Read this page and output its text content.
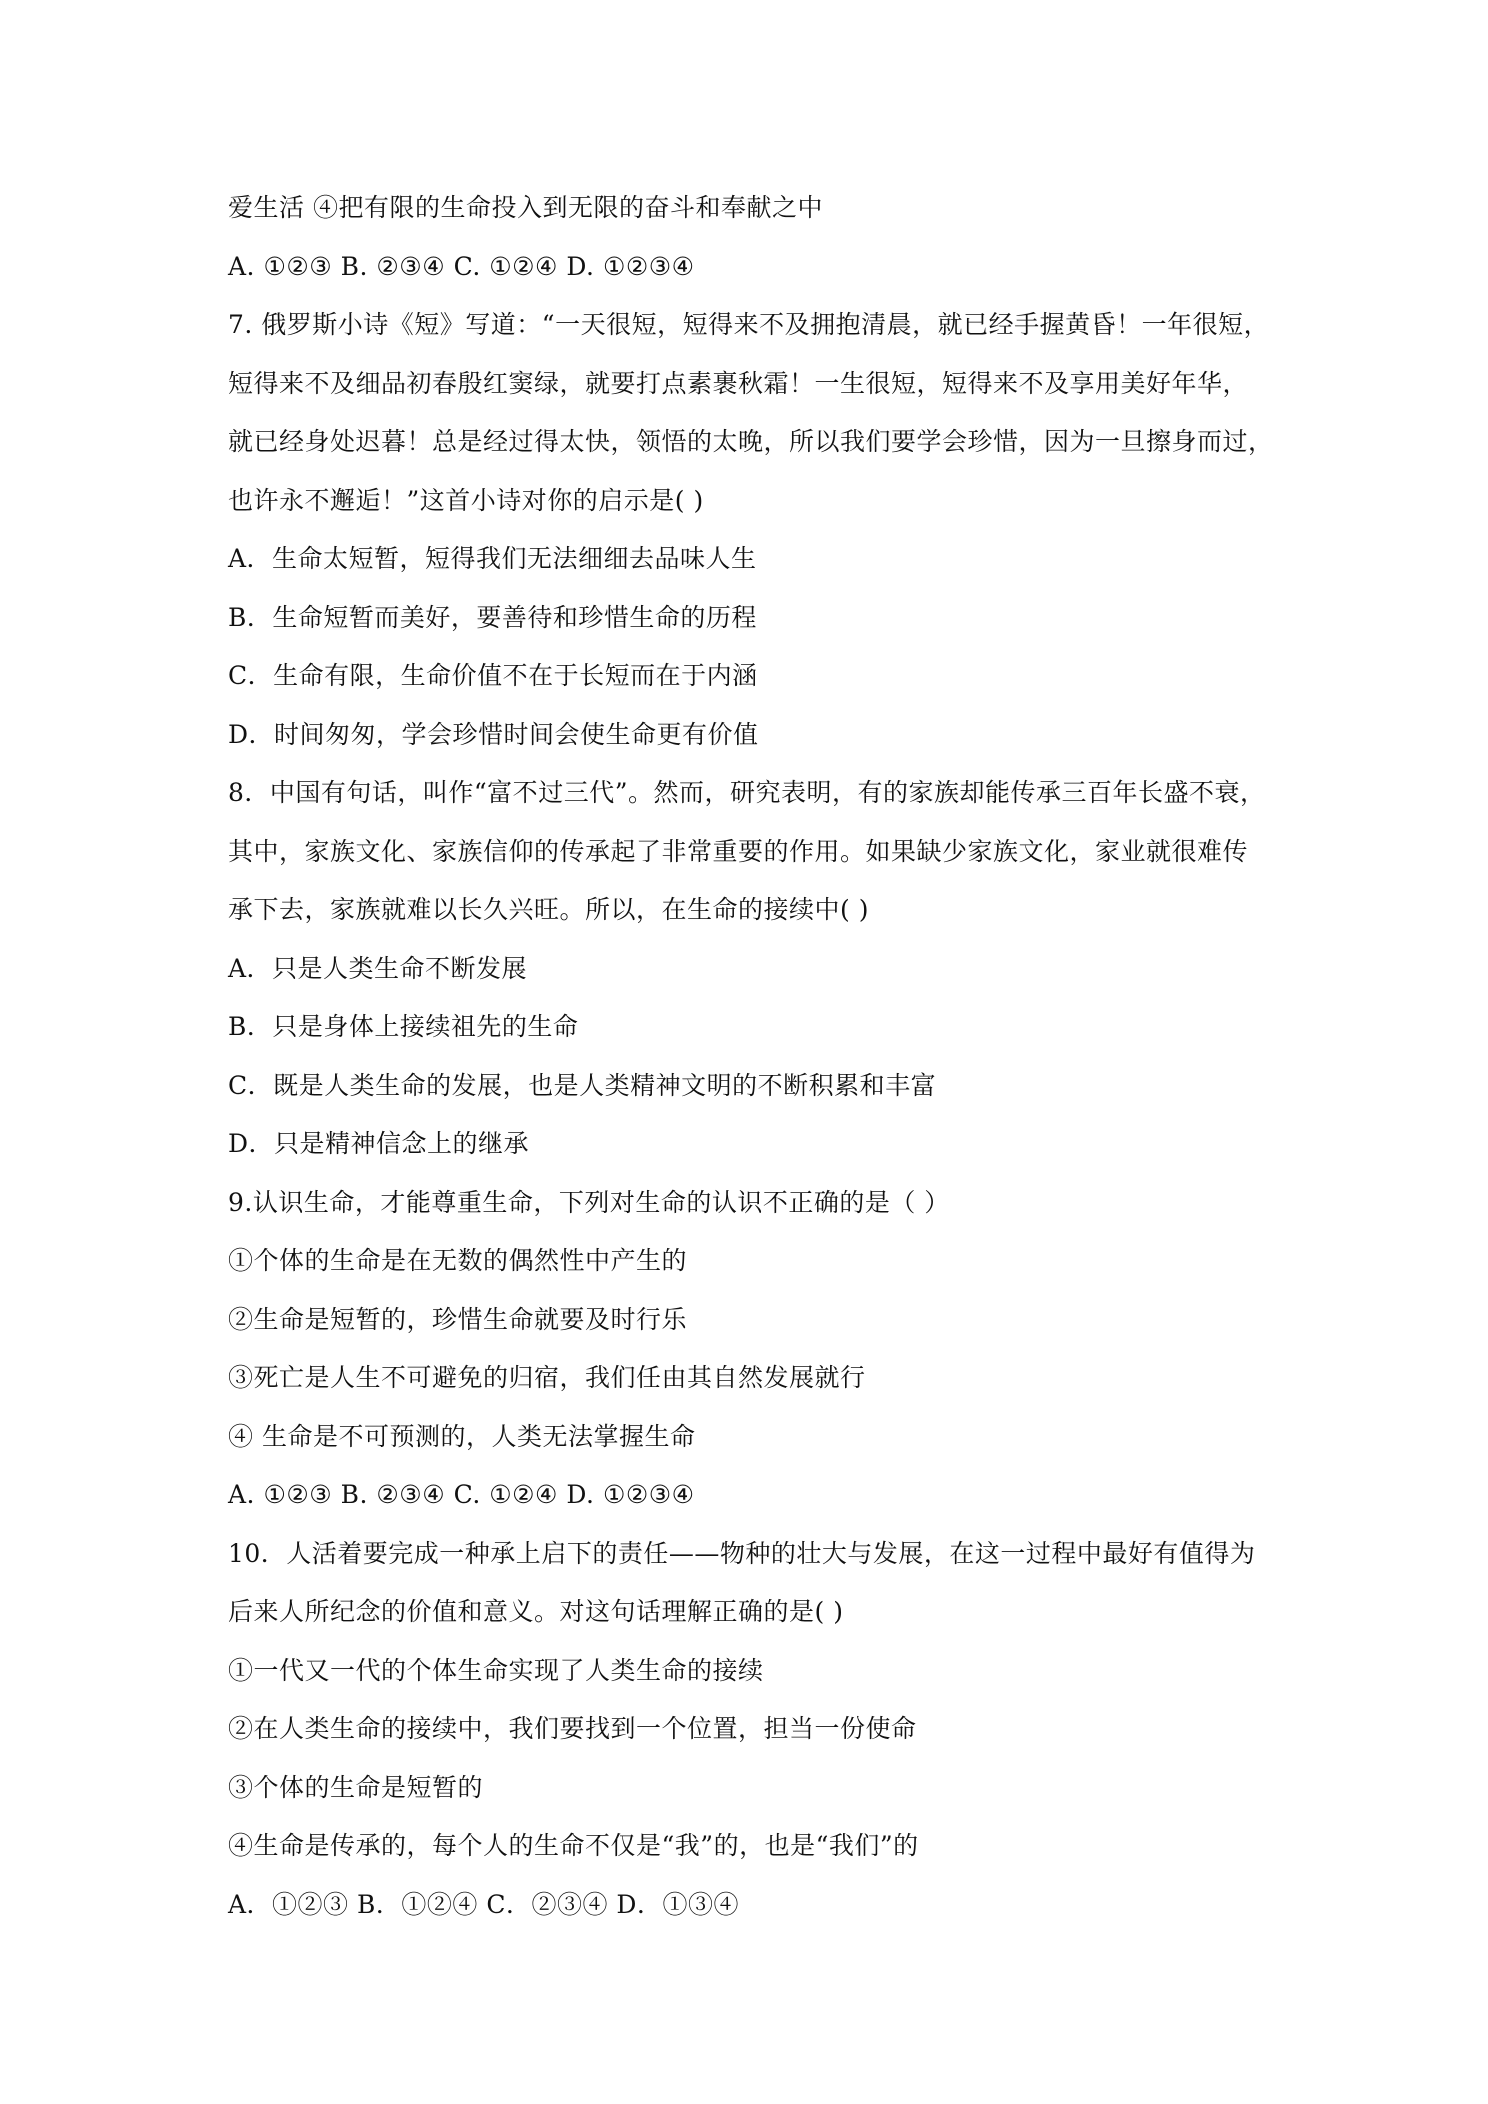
爱生活 ④把有限的生命投入到无限的奋斗和奉献之中
A. ①②③ B. ②③④ C. ①②④ D. ①②③④
7. 俄罗斯小诗《短》写道：“一天很短，短得来不及拥抱清晨，就已经手握黄昏！一年很短，
短得来不及细品初春殷红窦绿，就要打点素裹秋霜！一生很短，短得来不及享用美好年华，
就已经身处迟暮！总是经过得太快，领悟的太晚，所以我们要学会珍惜，因为一旦擦身而过，
也许永不邂逅！”这首小诗对你的启示是( )
A．生命太短暂，短得我们无法细细去品味人生
B．生命短暂而美好，要善待和珍惜生命的历程
C．生命有限，生命价值不在于长短而在于内涵
D．时间匆匆，学会珍惜时间会使生命更有价值
8．中国有句话，叫作“富不过三代”。然而，研究表明，有的家族却能传承三百年长盛不衰，
其中，家族文化、家族信仰的传承起了非常重要的作用。如果缺少家族文化，家业就很难传
承下去，家族就难以长久兴旺。所以，在生命的接续中( )
A．只是人类生命不断发展
B．只是身体上接续祖先的生命
C．既是人类生命的发展，也是人类精神文明的不断积累和丰富
D．只是精神信念上的继承
9.认识生命，才能尊重生命，下列对生命的认识不正确的是（ ）
①个体的生命是在无数的偶然性中产生的
②生命是短暂的，珍惜生命就要及时行乐
③死亡是人生不可避免的归宿，我们任由其自然发展就行
④ 生命是不可预测的，人类无法掌握生命
A. ①②③ B. ②③④ C. ①②④ D. ①②③④
10．人活着要完成一种承上启下的责任——物种的壮大与发展，在这一过程中最好有值得为
后来人所纪念的价值和意义。对这句话理解正确的是( )
①一代又一代的个体生命实现了人类生命的接续
②在人类生命的接续中，我们要找到一个位置，担当一份使命
③个体的生命是短暂的
④生命是传承的，每个人的生命不仅是“我”的，也是“我们”的
A．①②③ B．①②④ C．②③④ D．①③④
